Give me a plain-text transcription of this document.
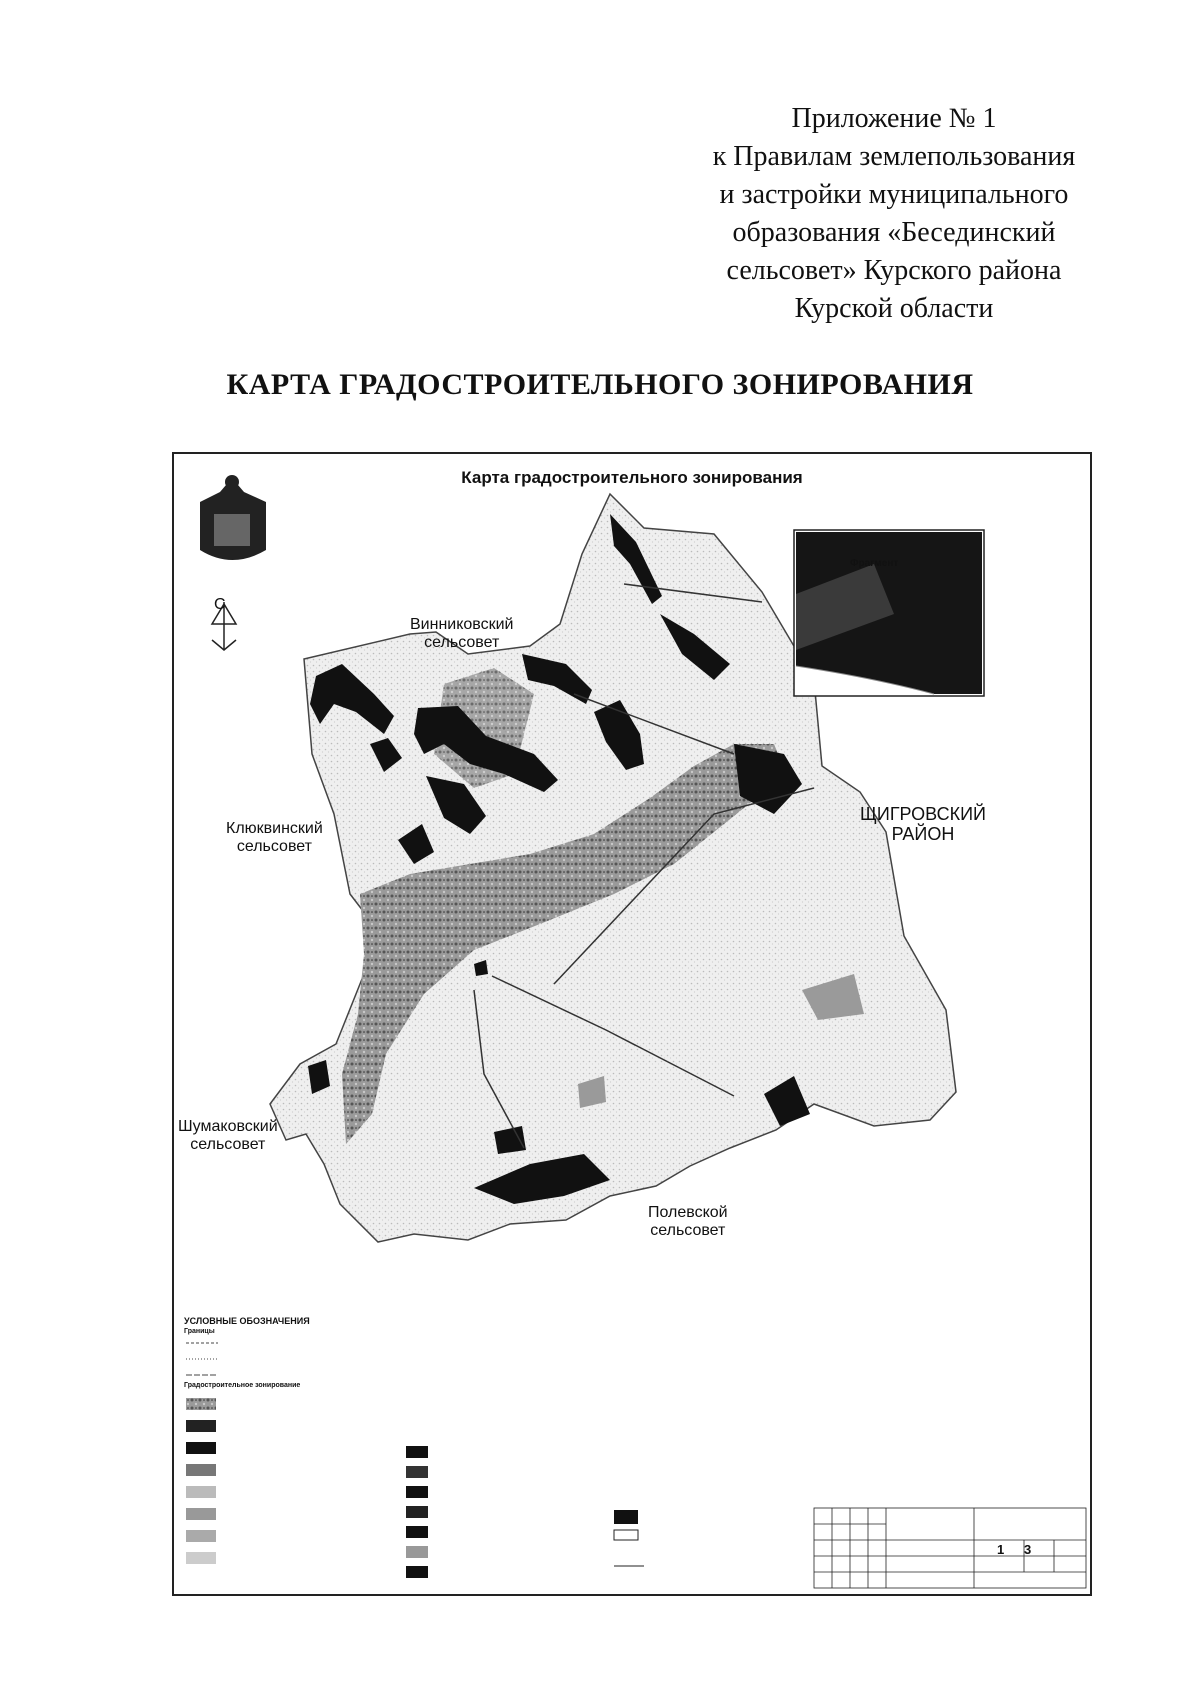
Приложение № 1
к Правилам землепользования
и застройки муниципального
образования «Бесединский
сельсовет» Курского района
Курской области
КАРТА ГРАДОСТРОИТЕЛЬНОГО ЗОНИРОВАНИЯ
Карта градостроительного зонирования
С
Фрагмент
Винниковский
сельсовет
Клюквинский
сельсовет
ЩИГРОВСКИЙ
РАЙОН
Шумаковский
сельсовет
Полевской
сельсовет
УСЛОВНЫЕ ОБОЗНАЧЕНИЯ
Границы
Градостроительное зонирование
1 3
